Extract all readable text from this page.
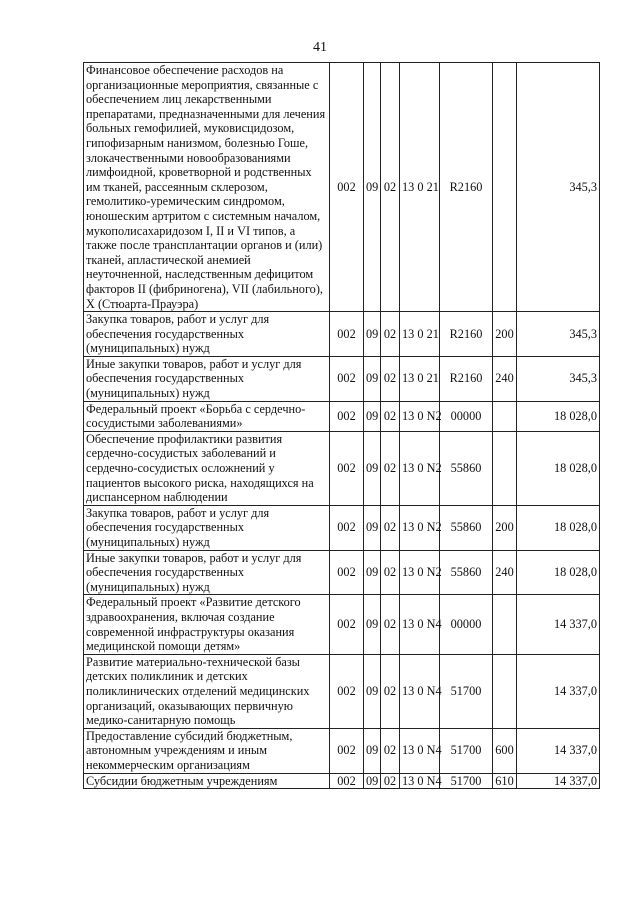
41
Финансовое обеспечение расходов на организационные мероприятия, связанные с обеспечением лиц лекарственными препаратами, предназначенными для лечения больных гемофилией, муковисцидозом, гипофизарным нанизмом, болезнью Гоше, злокачественными новообразованиями лимфоидной, кроветворной и родственных им тканей, рассеянным склерозом, гемолитико-уремическим синдромом, юношеским артритом с системным началом, мукополисахаридозом I, II и VI типов, а также после трансплантации органов и (или) тканей, апластической анемией неуточненной, наследственным дефицитом факторов II (фибриногена), VII (лабильного), X (Стюарта-Прауэра)	002	09	02	13 0 21	R2160		345,3
Закупка товаров, работ и услуг для обеспечения государственных (муниципальных) нужд	002	09	02	13 0 21	R2160	200	345,3
Иные закупки товаров, работ и услуг для обеспечения государственных (муниципальных) нужд	002	09	02	13 0 21	R2160	240	345,3
Федеральный проект «Борьба с сердечно-сосудистыми заболеваниями»	002	09	02	13 0 N2	00000		18 028,0
Обеспечение профилактики развития сердечно-сосудистых заболеваний и сердечно-сосудистых осложнений у пациентов высокого риска, находящихся на диспансерном наблюдении	002	09	02	13 0 N2	55860		18 028,0
Закупка товаров, работ и услуг для обеспечения государственных (муниципальных) нужд	002	09	02	13 0 N2	55860	200	18 028,0
Иные закупки товаров, работ и услуг для обеспечения государственных (муниципальных) нужд	002	09	02	13 0 N2	55860	240	18 028,0
Федеральный проект «Развитие детского здравоохранения, включая создание современной инфраструктуры оказания медицинской помощи детям»	002	09	02	13 0 N4	00000		14 337,0
Развитие материально-технической базы детских поликлиник и детских поликлинических отделений медицинских организаций, оказывающих первичную медико-санитарную помощь	002	09	02	13 0 N4	51700		14 337,0
Предоставление субсидий бюджетным, автономным учреждениям и иным некоммерческим организациям	002	09	02	13 0 N4	51700	600	14 337,0
Субсидии бюджетным учреждениям	002	09	02	13 0 N4	51700	610	14 337,0
